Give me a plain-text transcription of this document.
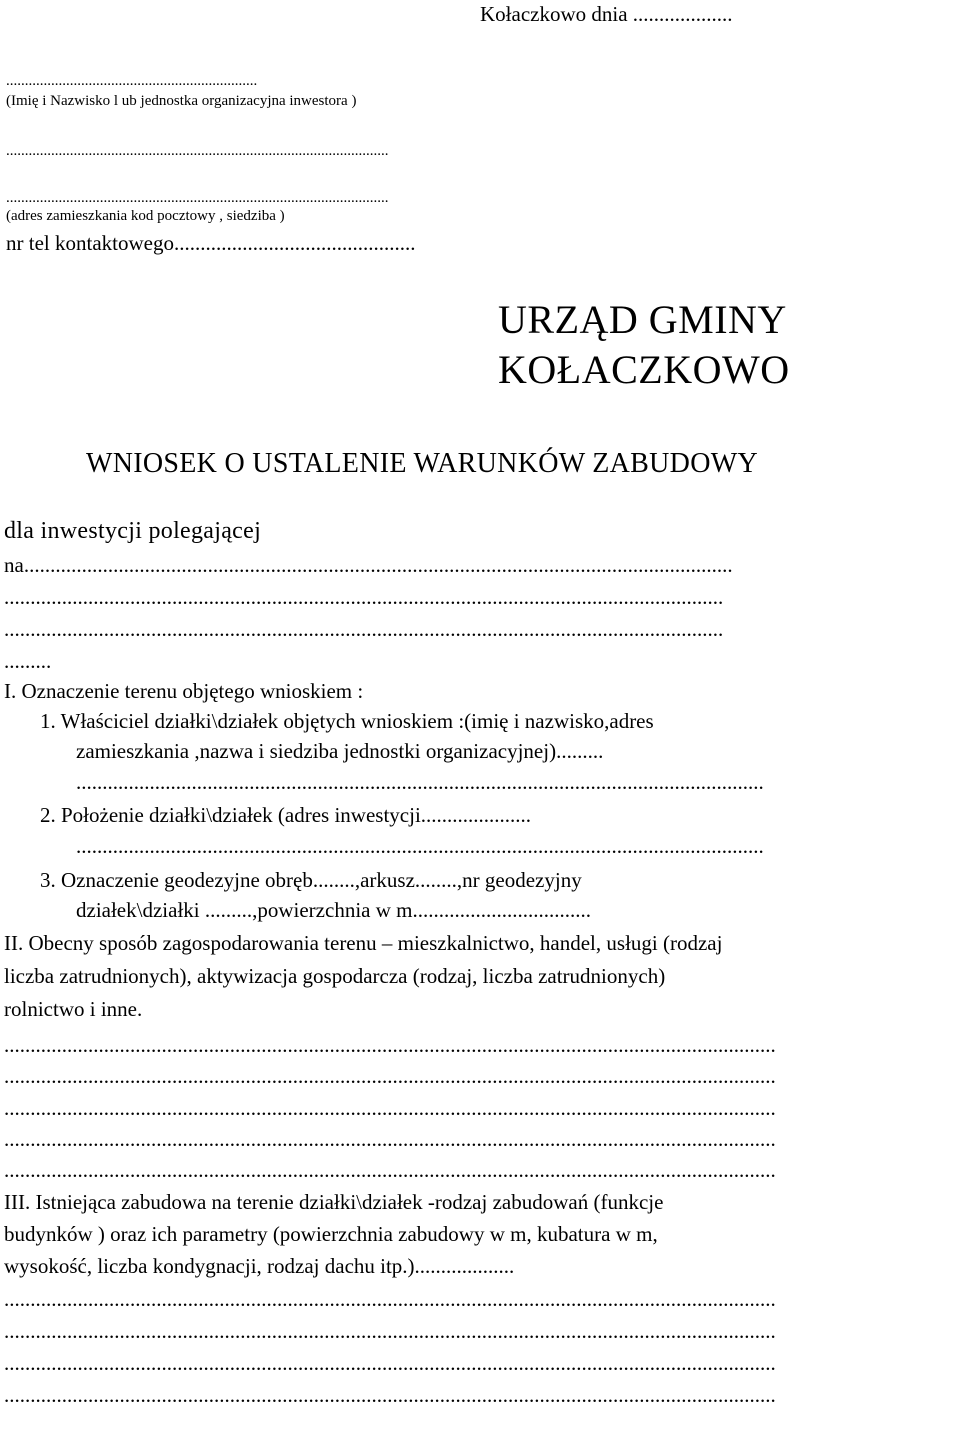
Kołaczkowo dnia ...................
...................................................................
(Imię i Nazwisko l ub jednostka organizacyjna inwestora )
......................................................................................................
......................................................................................................
(adres zamieszkania kod pocztowy , siedziba )
nr tel kontaktowego..............................................
URZĄD GMINY
KOŁACZKOWO
WNIOSEK O USTALENIE WARUNKÓW ZABUDOWY
dla inwestycji polegającej
na.......................................................................................................................................
.........................................................................................................................................
.........................................................................................................................................
.........
I. Oznaczenie terenu objętego wnioskiem :
1. Właściciel działki\działek objętych wnioskiem :(imię i nazwisko,adres
zamieszkania ,nazwa i siedziba jednostki organizacyjnej).........
...................................................................................................................................
2. Położenie działki\działek (adres inwestycji.....................
...................................................................................................................................
3. Oznaczenie geodezyjne obręb........,arkusz........,nr geodezyjny
działek\działki .........,powierzchnia w m..................................
II. Obecny sposób zagospodarowania terenu – mieszkalnictwo, handel, usługi (rodzaj
liczba zatrudnionych), aktywizacja gospodarcza (rodzaj, liczba zatrudnionych)
rolnictwo i inne.
...................................................................................................................................................
...................................................................................................................................................
...................................................................................................................................................
...................................................................................................................................................
...................................................................................................................................................
III. Istniejąca zabudowa na terenie działki\działek -rodzaj zabudowań (funkcje
budynków ) oraz ich parametry (powierzchnia zabudowy w m, kubatura w m,
wysokość, liczba kondygnacji, rodzaj dachu itp.)...................
...................................................................................................................................................
...................................................................................................................................................
...................................................................................................................................................
...................................................................................................................................................
